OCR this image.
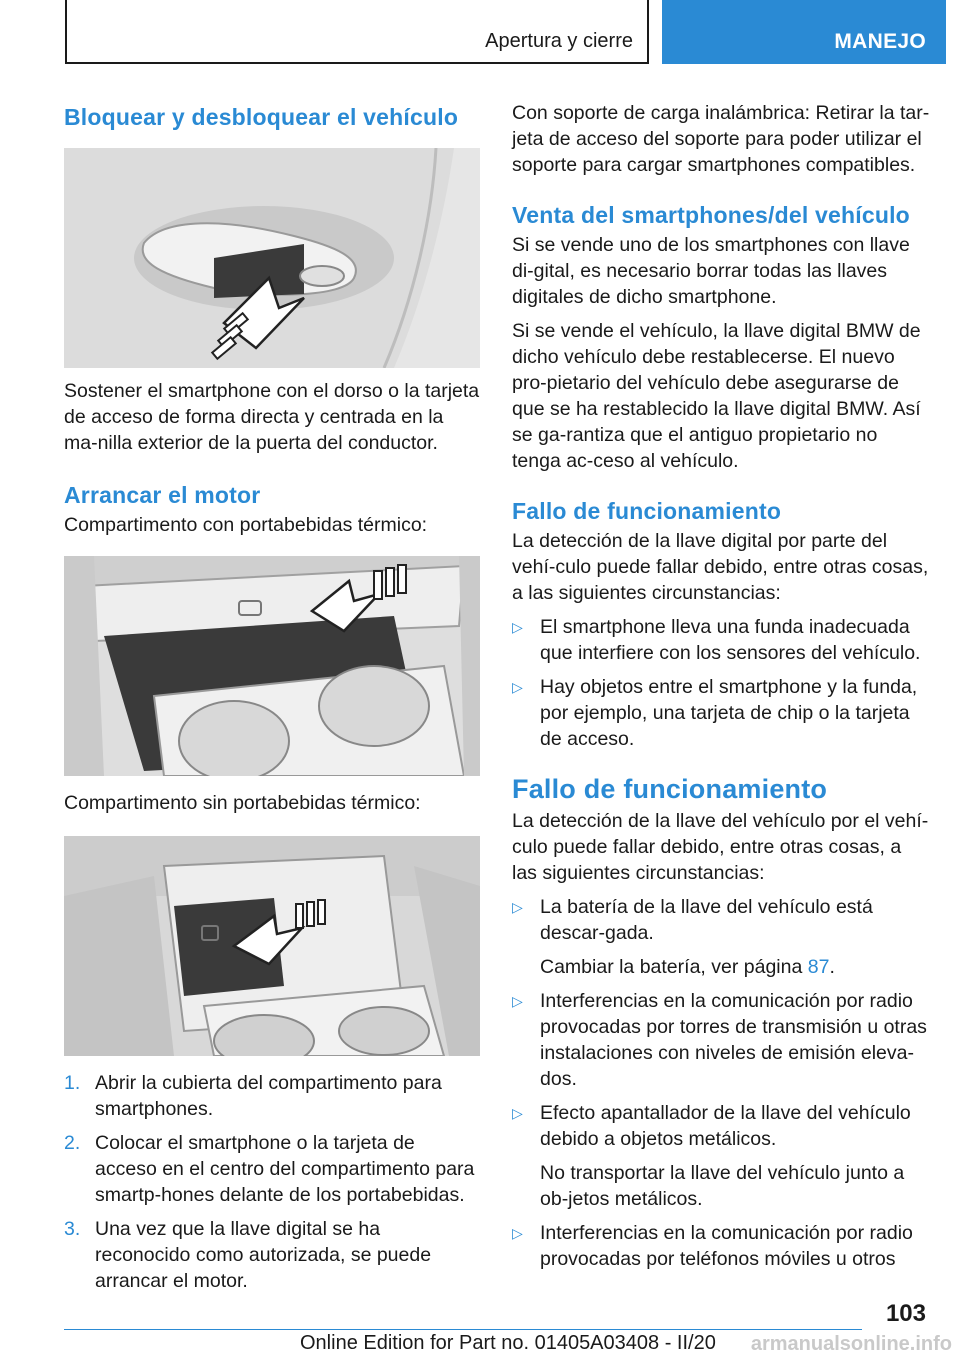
Apertura y cierre	MANEJO
Bloquear y desbloquear el vehículo

Sostener el smartphone con el dorso o la tarjeta de acceso de forma directa y centrada en la ma-nilla exterior de la puerta del conductor.

Arrancar el motor

Compartimento con portabebidas térmico:

Compartimento sin portabebidas térmico:

1. Abrir la cubierta del compartimento para smartphones.
2. Colocar el smartphone o la tarjeta de acceso en el centro del compartimento para smartp-hones delante de los portabebidas.
3. Una vez que la llave digital se ha reconocido como autorizada, se puede arrancar el motor.

Con soporte de carga inalámbrica: Retirar la tar-jeta de acceso del soporte para poder utilizar el soporte para cargar smartphones compatibles.

Venta del smartphones/del vehículo

Si se vende uno de los smartphones con llave di-gital, es necesario borrar todas las llaves digitales de dicho smartphone.

Si se vende el vehículo, la llave digital BMW de dicho vehículo debe restablecerse. El nuevo pro-pietario del vehículo debe asegurarse de que se ha restablecido la llave digital BMW. Así se ga-rantiza que el antiguo propietario no tenga ac-ceso al vehículo.

Fallo de funcionamiento

La detección de la llave digital por parte del vehí-culo puede fallar debido, entre otras cosas, a las siguientes circunstancias:

▷ El smartphone lleva una funda inadecuada que interfiere con los sensores del vehículo.
▷ Hay objetos entre el smartphone y la funda, por ejemplo, una tarjeta de chip o la tarjeta de acceso.
Fallo de funcionamiento

La detección de la llave del vehículo por el vehí-culo puede fallar debido, entre otras cosas, a las siguientes circunstancias:

▷ La batería de la llave del vehículo está descar-gada.
Cambiar la batería, ver página 87.
▷ Interferencias en la comunicación por radio provocadas por torres de transmisión u otras instalaciones con niveles de emisión eleva-dos.
▷ Efecto apantallador de la llave del vehículo debido a objetos metálicos.
No transportar la llave del vehículo junto a ob-jetos metálicos.
▷ Interferencias en la comunicación por radio provocadas por teléfonos móviles u otros
103
Online Edition for Part no. 01405A03408 - II/20 armanualsonline.info
